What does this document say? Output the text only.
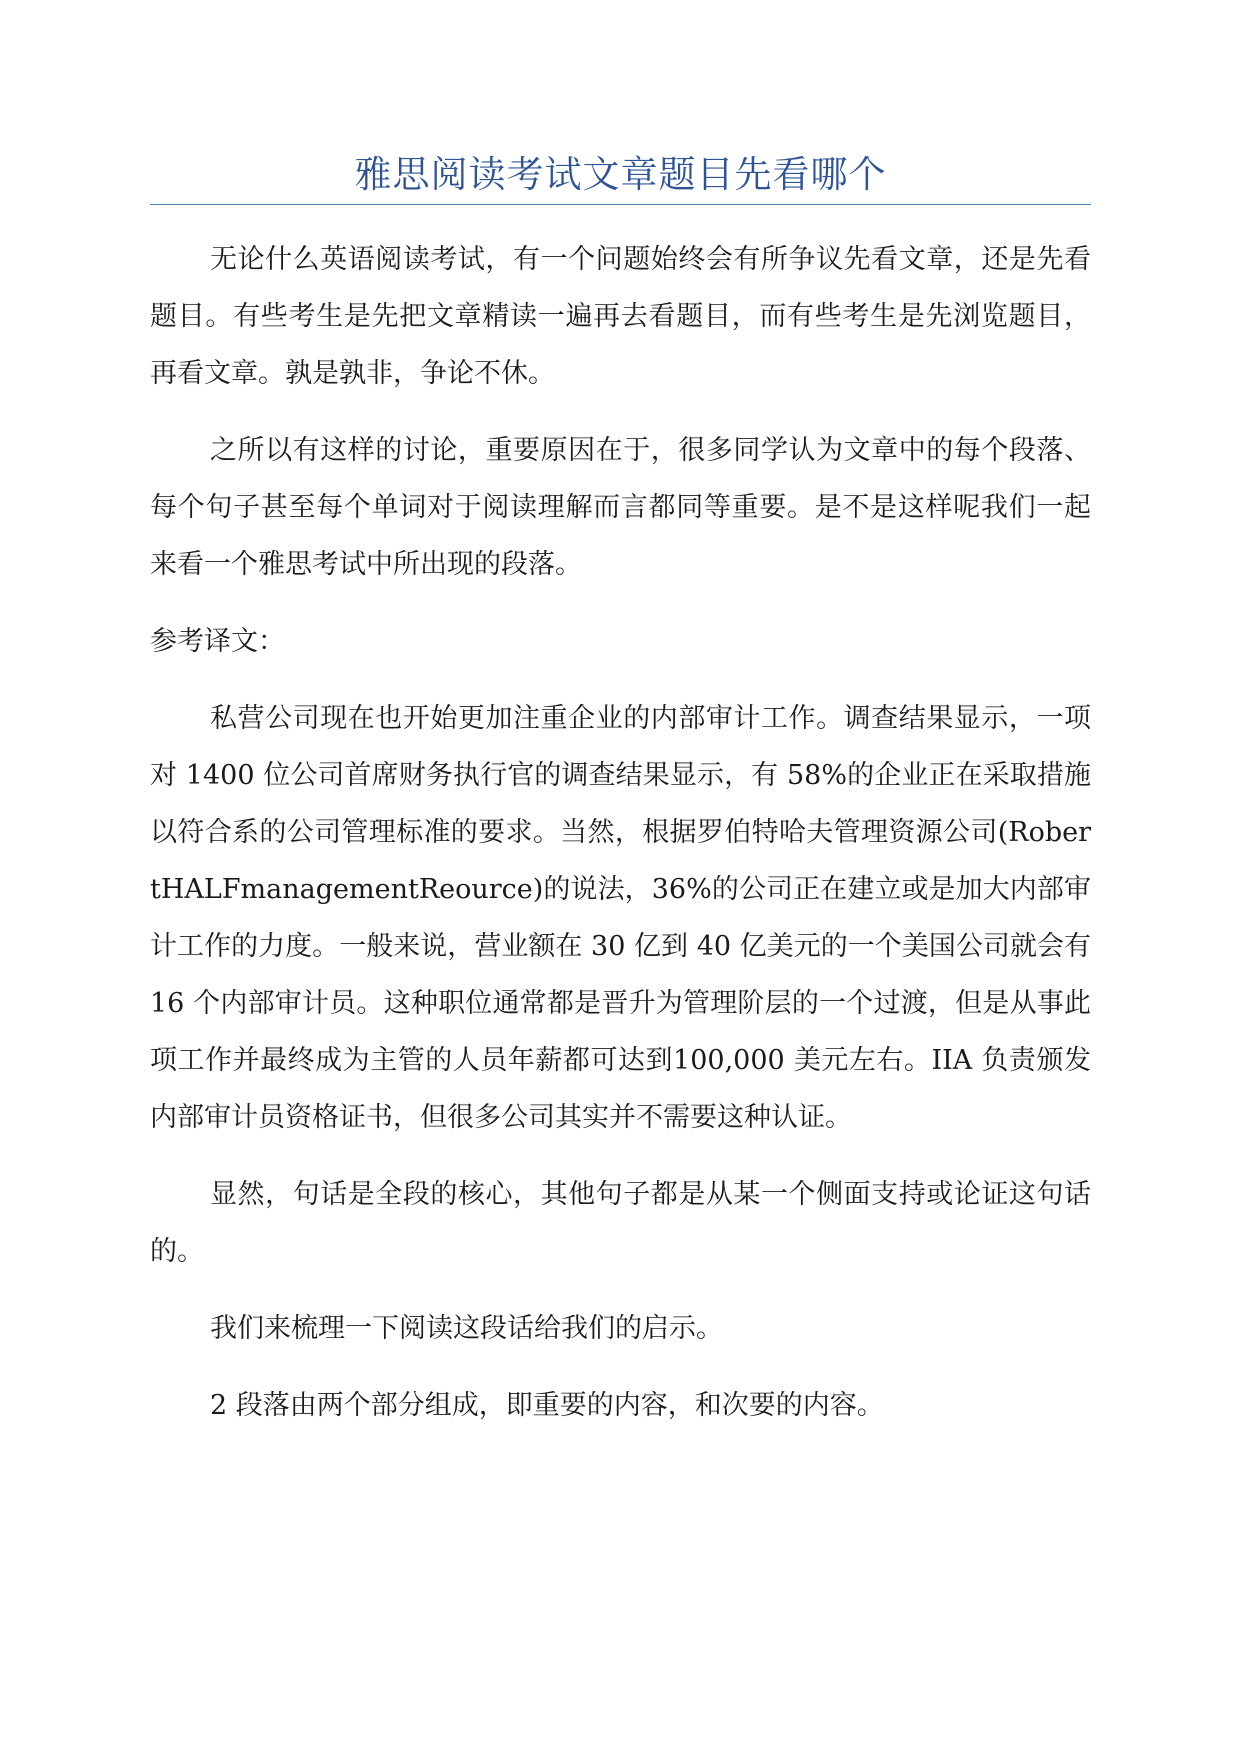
雅思阅读考试文章题目先看哪个

无论什么英语阅读考试，有一个问题始终会有所争议先看文章，还是先看题目。有些考生是先把文章精读一遍再去看题目，而有些考生是先浏览题目，再看文章。孰是孰非，争论不休。

之所以有这样的讨论，重要原因在于，很多同学认为文章中的每个段落、每个句子甚至每个单词对于阅读理解而言都同等重要。是不是这样呢我们一起来看一个雅思考试中所出现的段落。

参考译文：

私营公司现在也开始更加注重企业的内部审计工作。调查结果显示，一项对 1400 位公司首席财务执行官的调查结果显示，有 58%的企业正在采取措施以符合系的公司管理标准的要求。当然，根据罗伯特哈夫管理资源公司(RobertHALFmanagementReource)的说法，36%的公司正在建立或是加大内部审计工作的力度。一般来说，营业额在 30 亿到 40 亿美元的一个美国公司就会有 16 个内部审计员。这种职位通常都是晋升为管理阶层的一个过渡，但是从事此项工作并最终成为主管的人员年薪都可达到100,000 美元左右。IIA 负责颁发内部审计员资格证书，但很多公司其实并不需要这种认证。

显然，句话是全段的核心，其他句子都是从某一个侧面支持或论证这句话的。

我们来梳理一下阅读这段话给我们的启示。

2 段落由两个部分组成，即重要的内容，和次要的内容。
